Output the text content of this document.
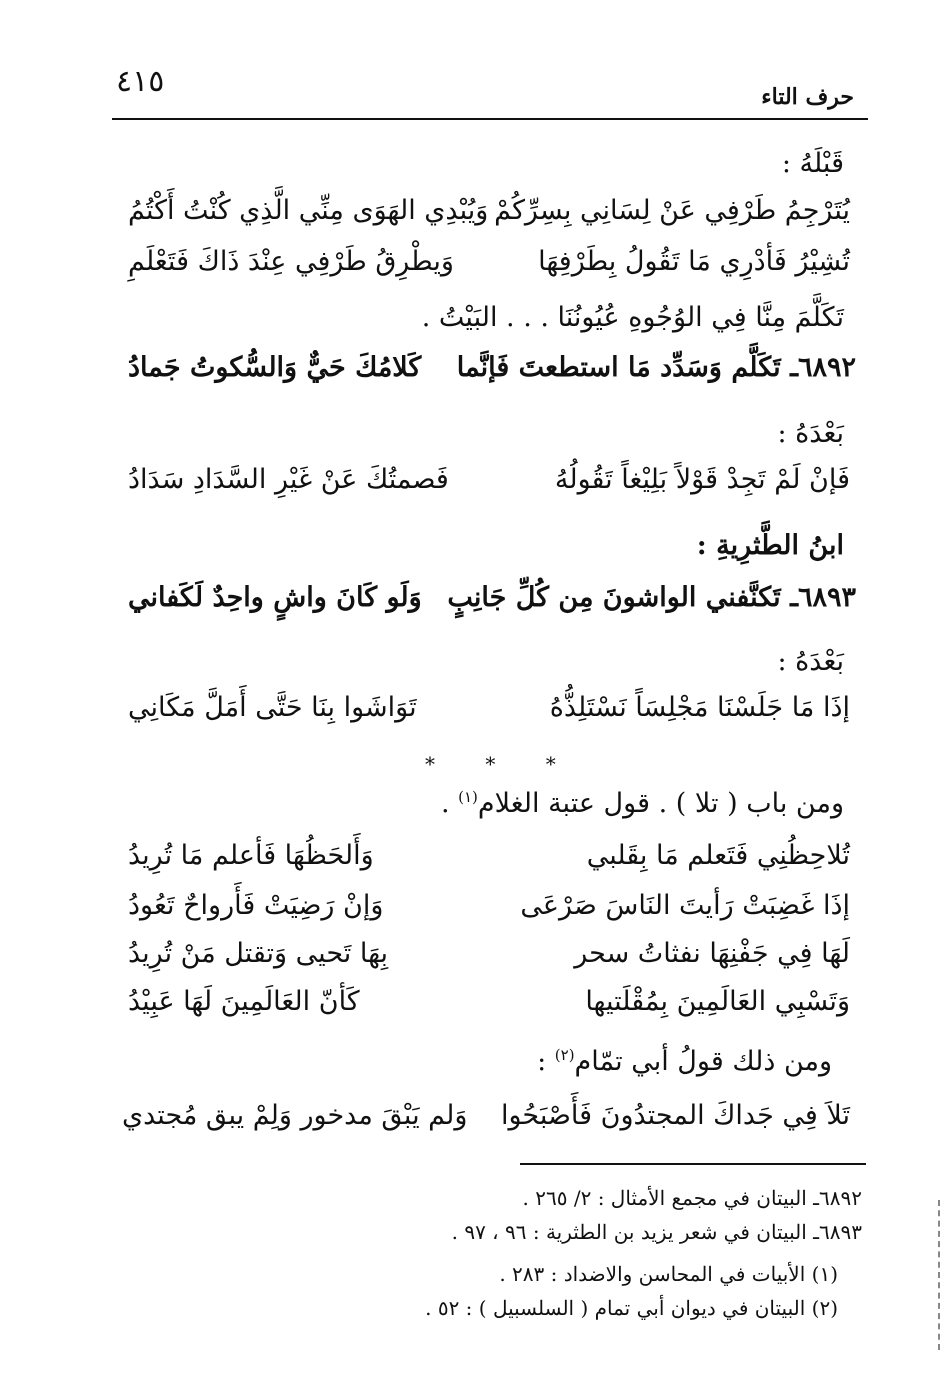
٤١٥	حرف التاء
قَبْلَهُ :
يُتَرْجِمُ طَرْفِي عَنْ لِسَانِي بِسِرِّكُمْ
وَيُبْدِي الهَوَى مِنِّي الَّذِي كُنْتُ أَكْتُمُ
تُشِيْرُ فَأدْرِي مَا تَقُولُ بِطَرْفِهَا
وَيطْرِقُ طَرْفِي عِنْدَ ذَاكَ فَتَعْلَمِ
تَكَلَّمَ مِنَّا فِي الوُجُوهِ عُيُونُنَا . . . البَيْتُ .
٦٨٩٢ـ تَكَلَّم وَسَدِّد مَا استطعتَ فَإنَّما
كَلامُكَ حَيٌّ وَالسُّكوتُ جَمادُ
بَعْدَهُ :
فَإنْ لَمْ تَجِدْ قَوْلاً بَلِيْغاً تَقُولُهُ
فَصمتُكَ عَنْ غَيْرِ السَّدَادِ سَدَادُ
ابنُ الطَّثرِيةِ :
٦٨٩٣ـ تَكنَّفني الواشونَ مِن كُلِّ جَانِبٍ
وَلَو كَانَ واشٍ واحِدٌ لَكَفاني
بَعْدَهُ :
إذَا مَا جَلَسْنَا مَجْلِسَاً نَسْتَلِذُّهُ
تَوَاشَوا بِنَا حَتَّى أَمَلَّ مَكَانِي
* * *
ومن باب ( تلا ) . قول عتبة الغلام$^{(١)}$ .
تُلاحِظُنِي فَتَعلم مَا بِقَلبي
وَأَلحَظُهَا فَأعلم مَا تُرِيدُ
إذَا غَضِبَتْ رَأيتَ النَاسَ صَرْعَى
وَإنْ رَضِيَتْ فَأَرواحٌ تَعُودُ
لَهَا فِي جَفْنِهَا نفثاتُ سحر
بِهَا تَحيى وَتقتل مَنْ تُرِيدُ
وَتَسْبِي العَالَمِينَ بِمُقْلَتيها
كَأنّ العَالَمِينَ لَهَا عَبِيْدُ
ومن ذلك قولُ أبي تمّام$^{(٢)}$ :
تَلاَ فِي جَداكَ المجتدُونَ فَأَصْبَحُوا
وَلم يَبْقَ مدخور وَلِمْ يبق مُجتدي
٦٨٩٢ـ البيتان في مجمع الأمثال : ٢/ ٢٦٥ .
٦٨٩٣ـ البيتان في شعر يزيد بن الطثرية : ٩٦ ، ٩٧ .
(١) الأبيات في المحاسن والاضداد : ٢٨٣ .
(٢) البيتان في ديوان أبي تمام ( السلسبيل ) : ٥٢ .
